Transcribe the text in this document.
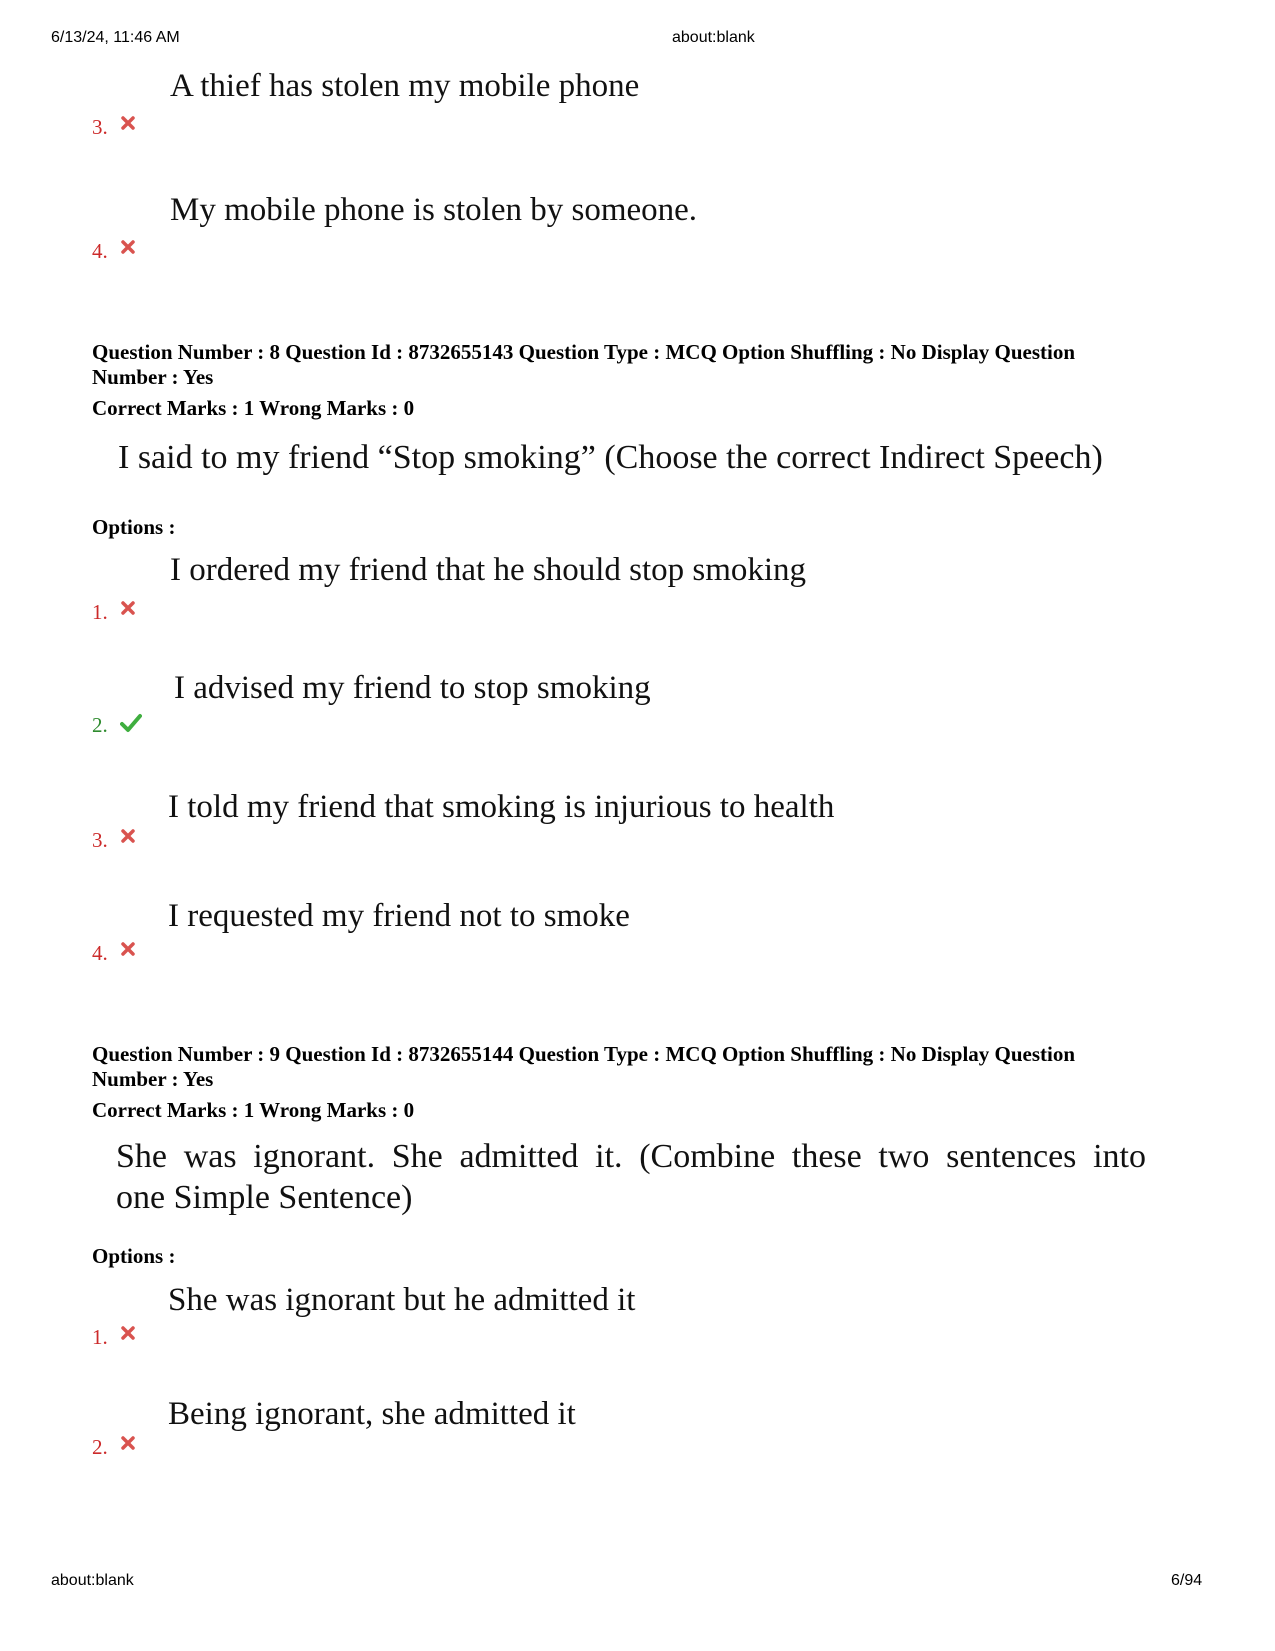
6/13/24, 11:46 AM	about:blank
A thief has stolen my mobile phone
3.
My mobile phone is stolen by someone.
4.
Question Number : 8 Question Id : 8732655143 Question Type : MCQ Option Shuffling : No Display Question
Number : Yes
Correct Marks : 1 Wrong Marks : 0
I said to my friend “Stop smoking” (Choose the correct Indirect Speech)
Options :
I ordered my friend that he should stop smoking
1.
I advised my friend to stop smoking
2.
I told my friend that smoking is injurious to health
3.
I requested my friend not to smoke
4.
Question Number : 9 Question Id : 8732655144 Question Type : MCQ Option Shuffling : No Display Question
Number : Yes
Correct Marks : 1 Wrong Marks : 0
She was ignorant. She admitted it. (Combine these two sentences into
one Simple Sentence)
Options :
She was ignorant but he admitted it
1.
Being ignorant, she admitted it
2.
about:blank	6/94
